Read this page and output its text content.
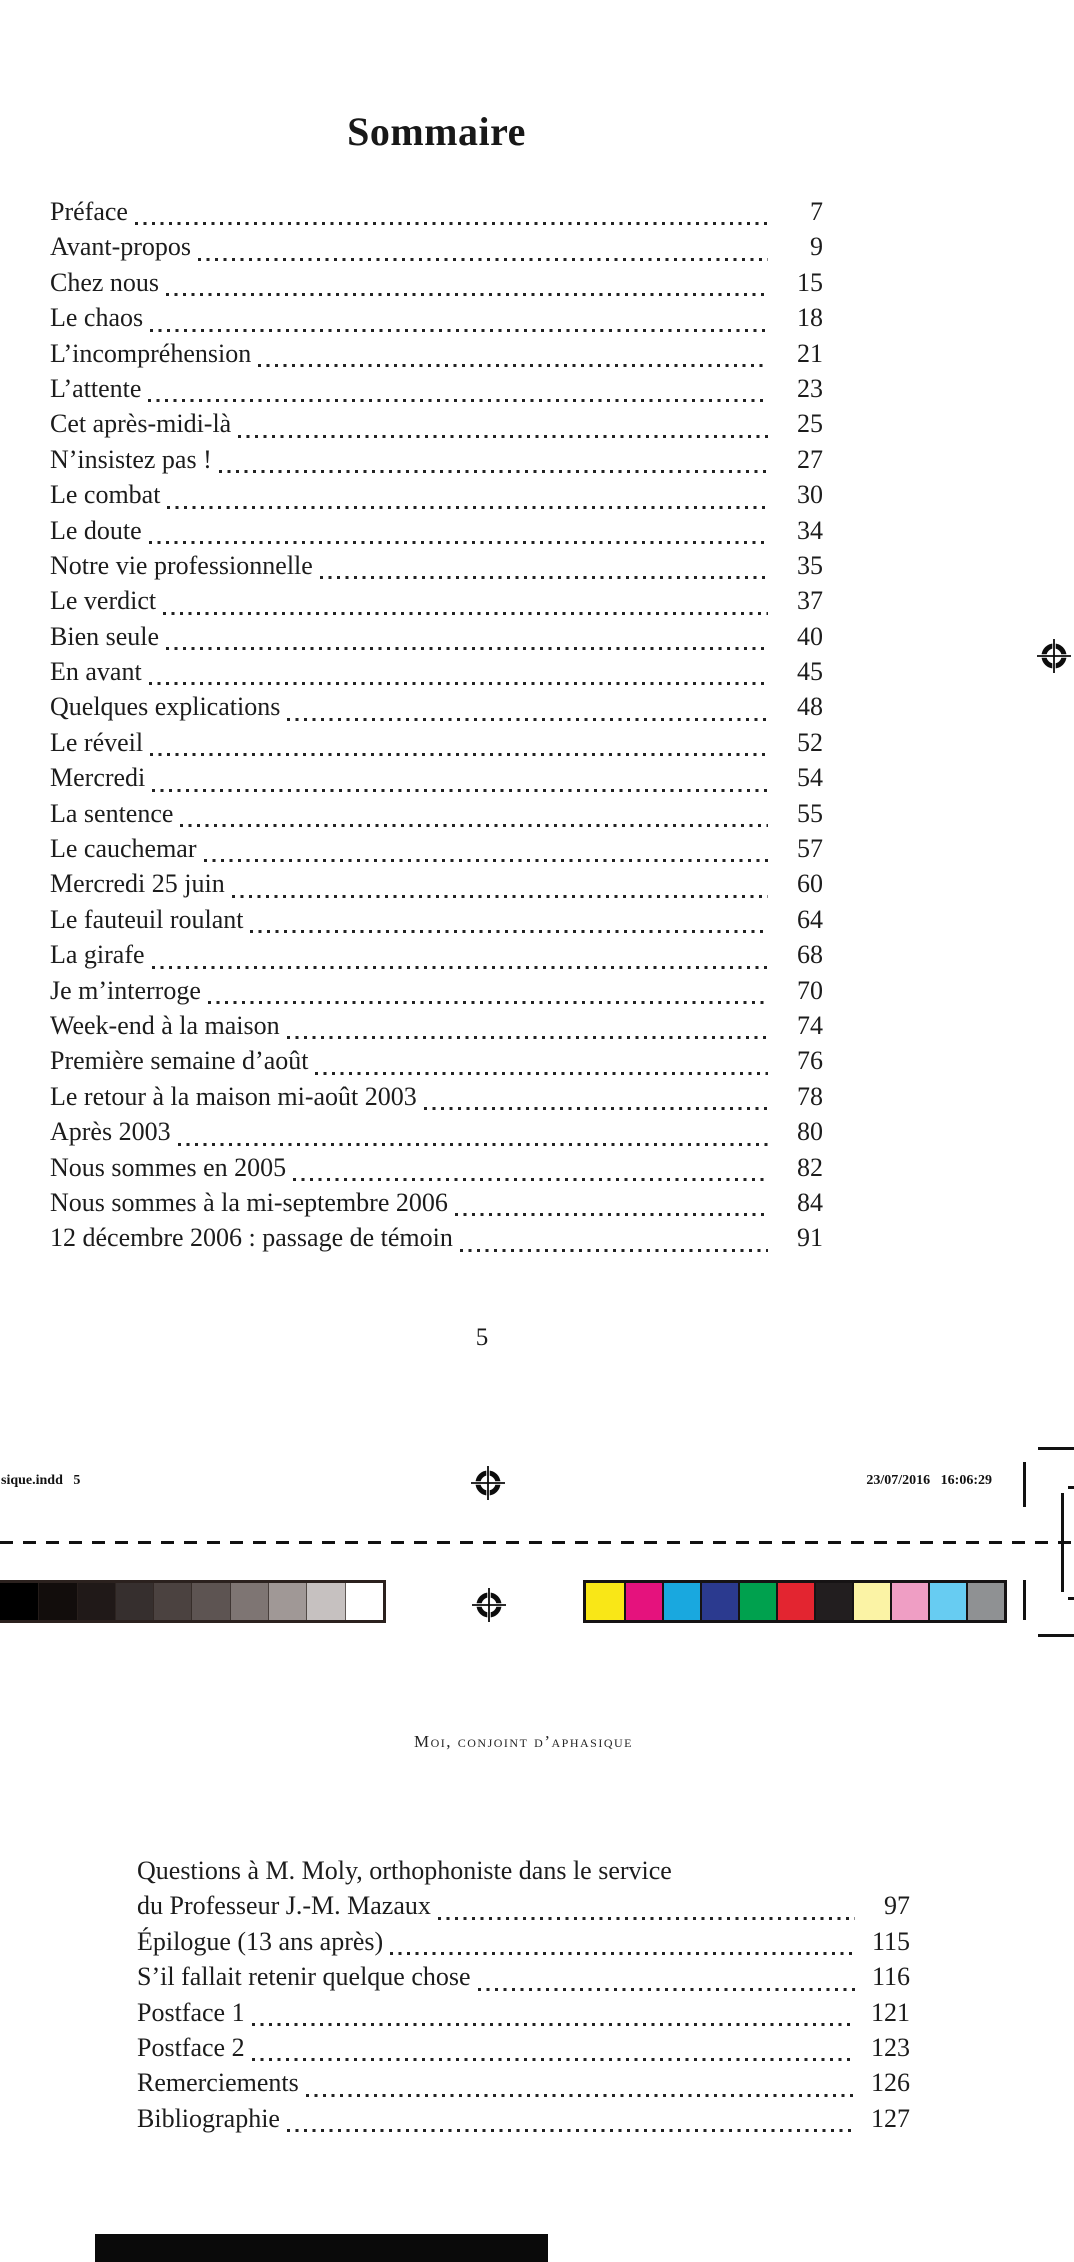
Sommaire
Préface	7
Avant-propos	9
Chez nous	15
Le chaos	18
L’incompréhension	21
L’attente	23
Cet après-midi-là	25
N’insistez pas !	27
Le combat	30
Le doute	34
Notre vie professionnelle	35
Le verdict	37
Bien seule	40
En avant	45
Quelques explications	48
Le réveil	52
Mercredi	54
La sentence	55
Le cauchemar	57
Mercredi 25 juin	60
Le fauteuil roulant	64
La girafe	68
Je m’interroge	70
Week-end à la maison	74
Première semaine d’août	76
Le retour à la maison mi-août 2003	78
Après 2003	80
Nous sommes en 2005	82
Nous sommes à la mi-septembre 2006	84
12 décembre 2006 : passage de témoin	91
5
sique.indd   5	23/07/2016   16:06:29
Moi, conjoint d’aphasique
Questions à M. Moly, orthophoniste dans le service
du Professeur J.-M. Mazaux	97
Épilogue (13 ans après)	115
S’il fallait retenir quelque chose	116
Postface 1	121
Postface 2	123
Remerciements	126
Bibliographie	127
